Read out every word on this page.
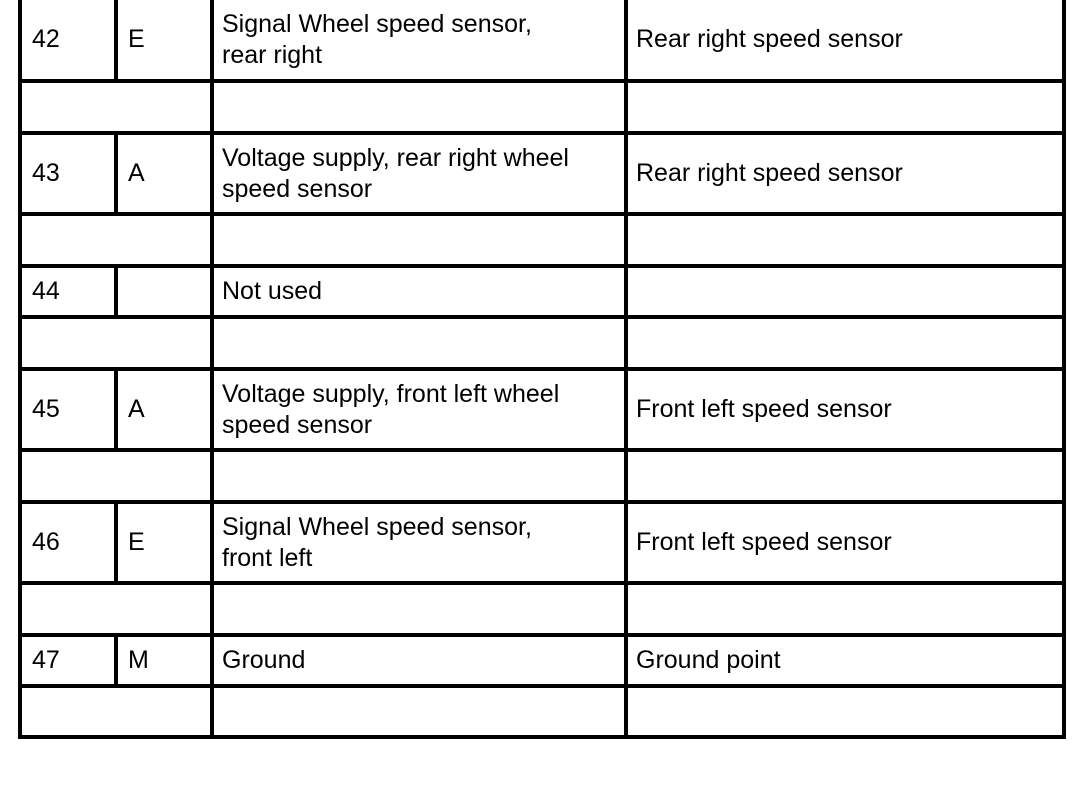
42	E	Signal Wheel speed sensor,
rear right	Rear right speed sensor

43	A	Voltage supply, rear right wheel
speed sensor	Rear right speed sensor

44		Not used	

45	A	Voltage supply, front left wheel
speed sensor	Front left speed sensor

46	E	Signal Wheel speed sensor,
front left	Front left speed sensor

47	M	Ground	Ground point
